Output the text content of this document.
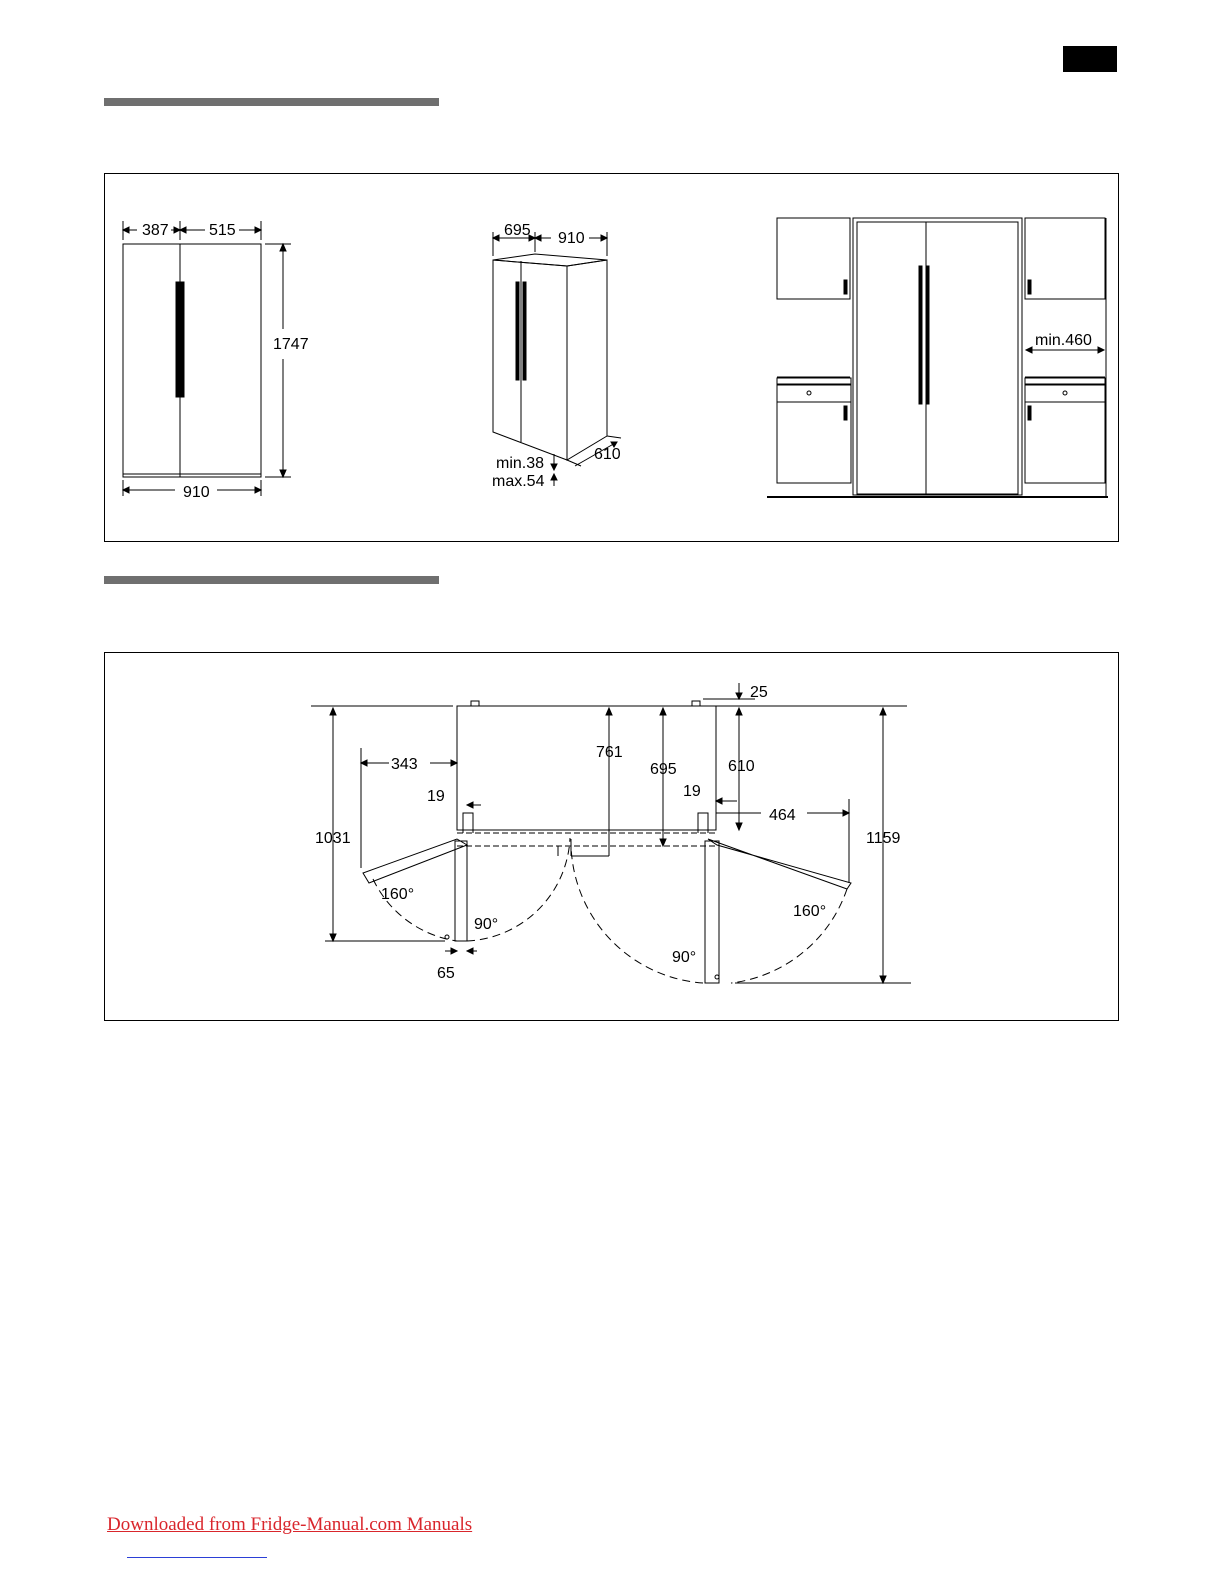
387	515
1747
910
695 910
610
min.38
max.54
min.460
25
761
695	610
343
19	19
464
1031	1159
160°
160°
90°
90°
65
Downloaded from Fridge-Manual.com Manuals
